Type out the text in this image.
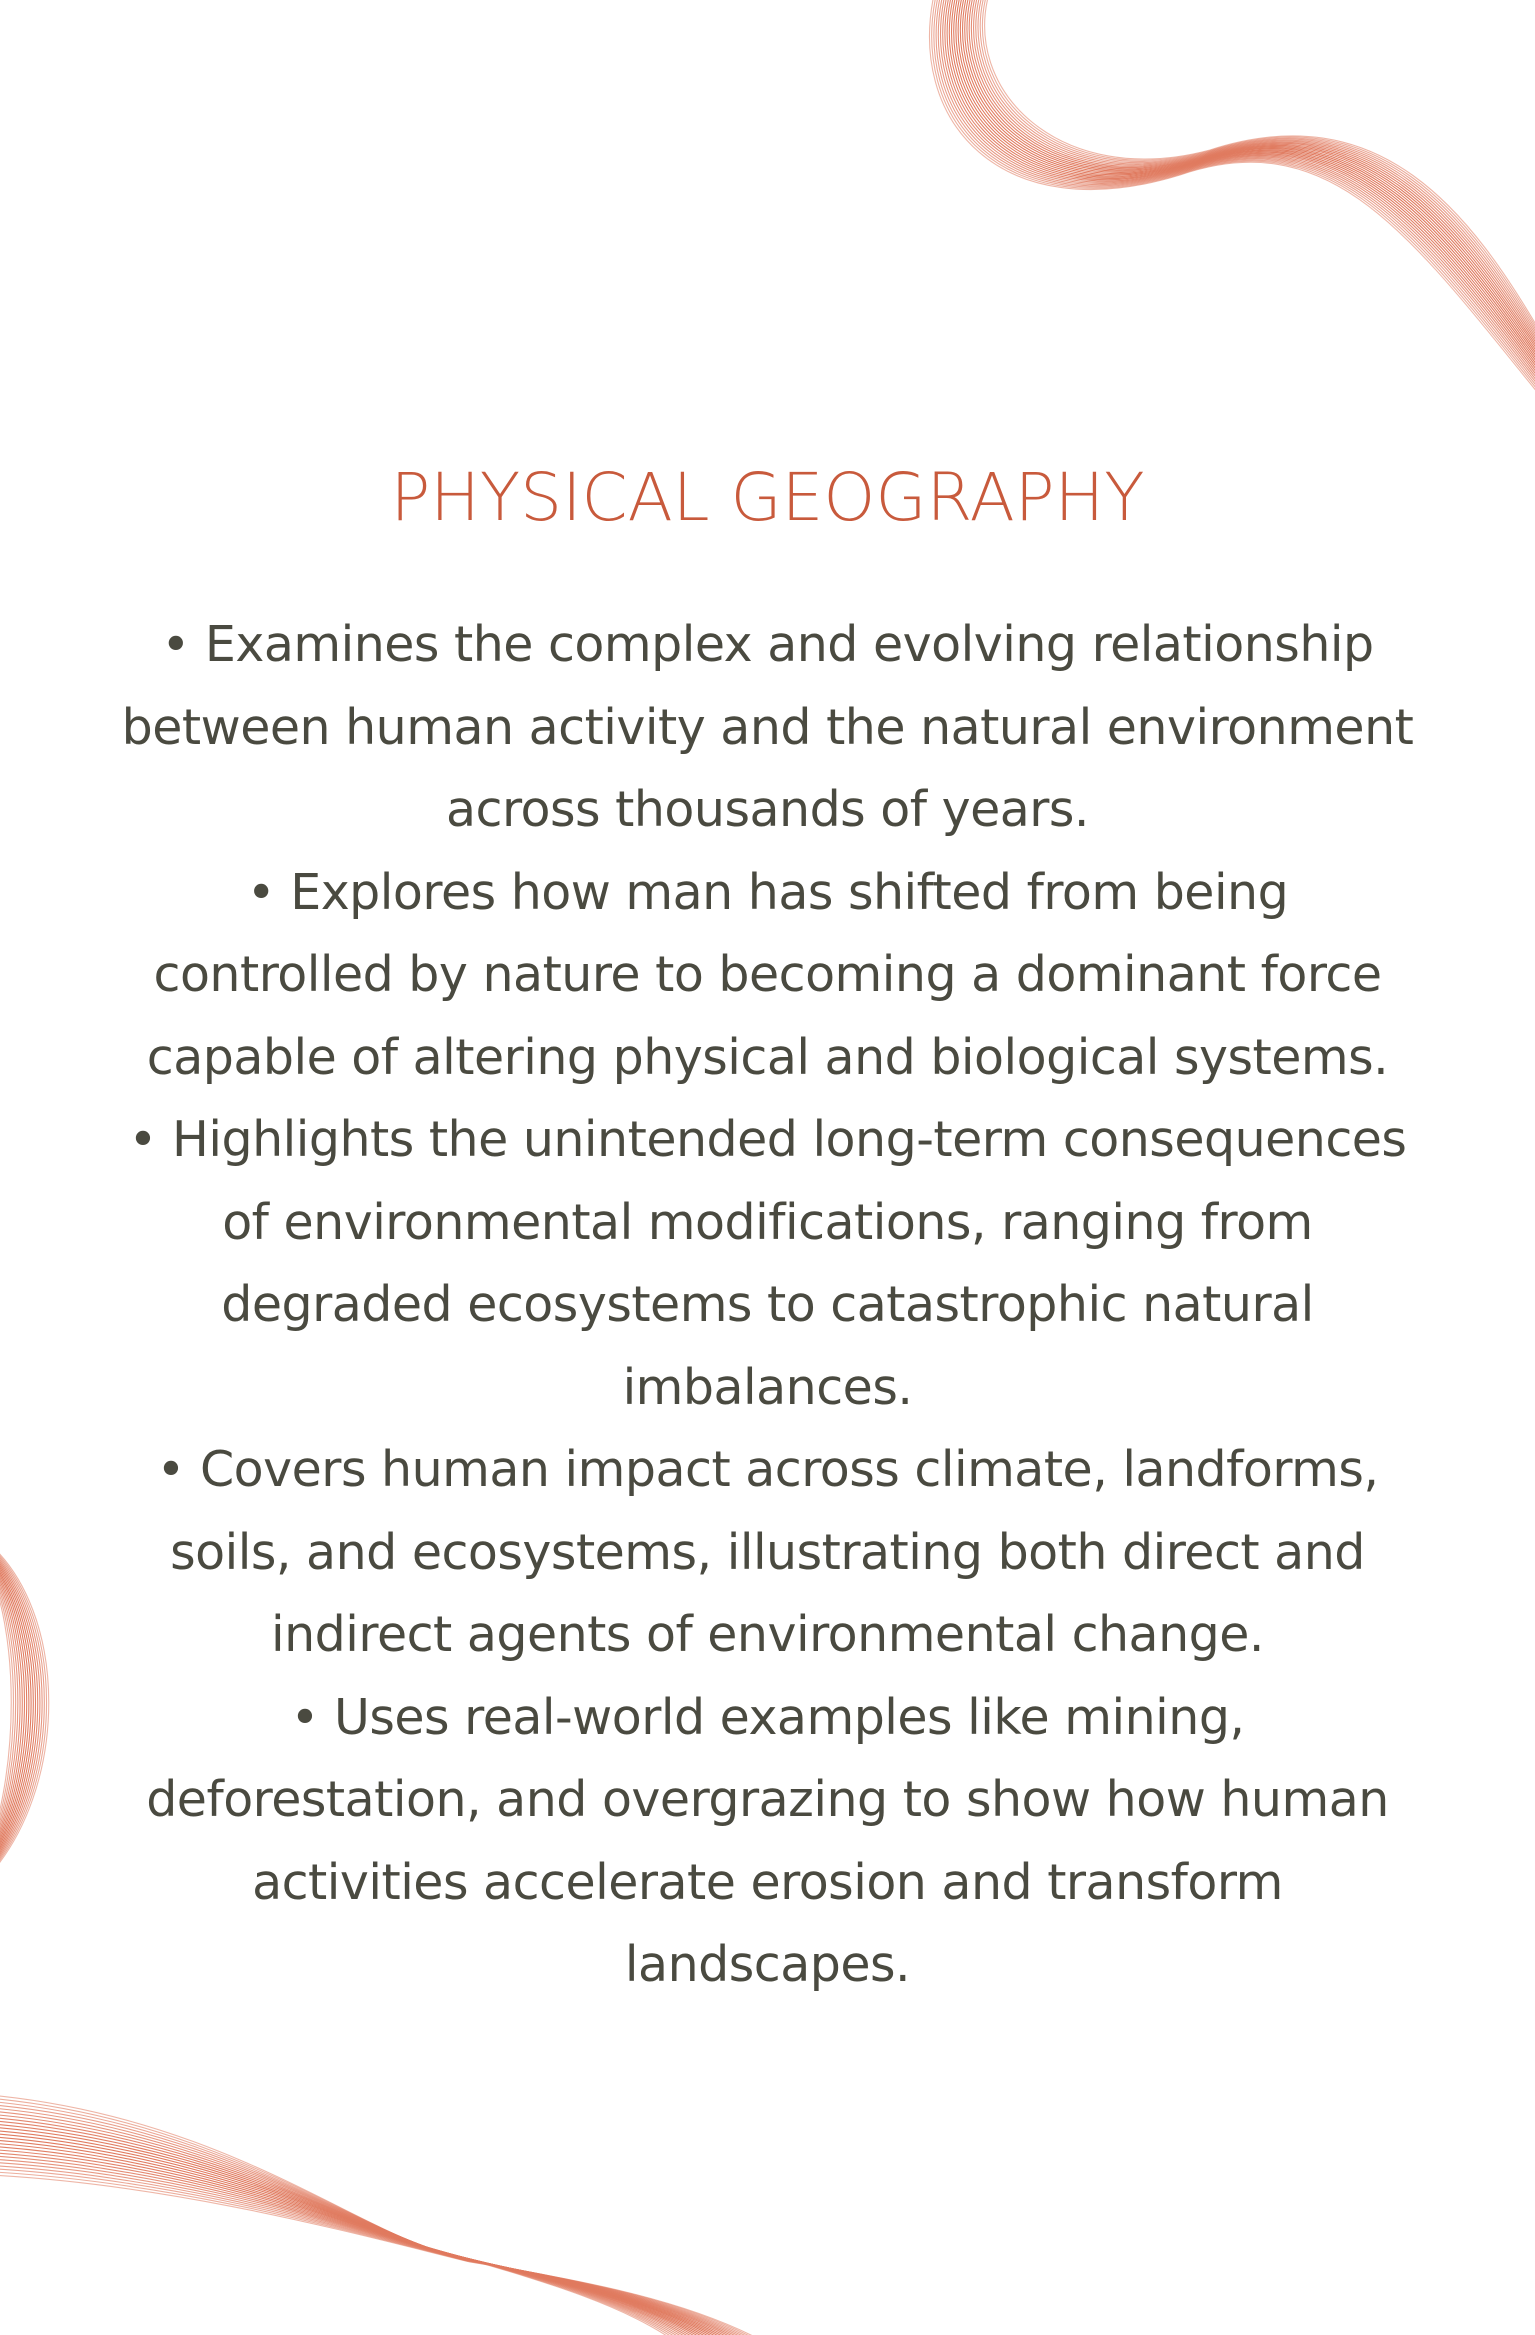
PHYSICAL GEOGRAPHY
• Examines the complex and evolving relationship
between human activity and the natural environment
across thousands of years.
• Explores how man has shifted from being
controlled by nature to becoming a dominant force
capable of altering physical and biological systems.
• Highlights the unintended long-term consequences
of environmental modifications, ranging from
degraded ecosystems to catastrophic natural
imbalances.
• Covers human impact across climate, landforms,
soils, and ecosystems, illustrating both direct and
indirect agents of environmental change.
• Uses real-world examples like mining,
deforestation, and overgrazing to show how human
activities accelerate erosion and transform
landscapes.
